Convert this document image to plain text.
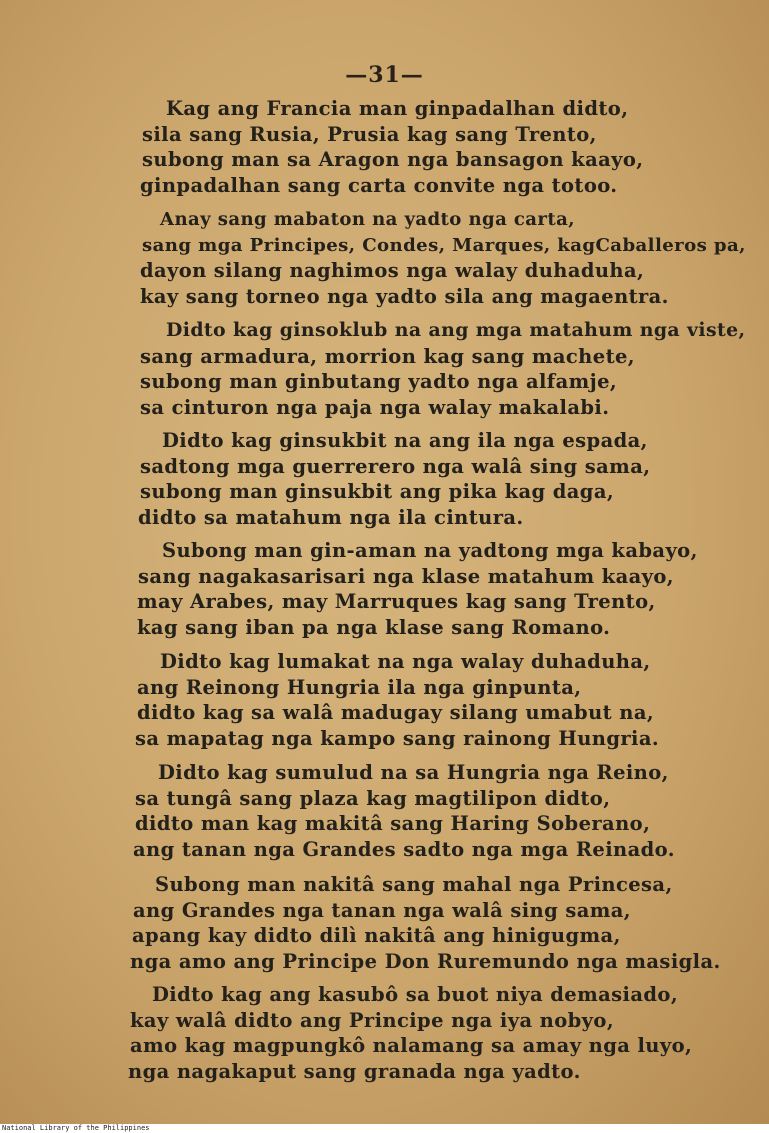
—31—
Kag ang Francia man ginpadalhan didto,
sila sang Rusia, Prusia kag sang Trento,
subong man sa Aragon nga bansagon kaayo,
ginpadalhan sang carta convite nga totoo.
Anay sang mabaton na yadto nga carta,
sang mga Principes, Condes, Marques, kagCaballeros pa,
dayon silang naghimos nga walay duhaduha,
kay sang torneo nga yadto sila ang magaentra.
Didto kag ginsoklub na ang mga matahum nga viste,
sang armadura, morrion kag sang machete,
subong man ginbutang yadto nga alfamje,
sa cinturon nga paja nga walay makalabi.
Didto kag ginsukbit na ang ila nga espada,
sadtong mga guerrerero nga walâ sing sama,
subong man ginsukbit ang pika kag daga,
didto sa matahum nga ila cintura.
Subong man gin-aman na yadtong mga kabayo,
sang nagakasarisari nga klase matahum kaayo,
may Arabes, may Marruques kag sang Trento,
kag sang iban pa nga klase sang Romano.
Didto kag lumakat na nga walay duhaduha,
ang Reinong Hungria ila nga ginpunta,
didto kag sa walâ madugay silang umabut na,
sa mapatag nga kampo sang rainong Hungria.
Didto kag sumulud na sa Hungria nga Reino,
sa tungâ sang plaza kag magtilipon didto,
didto man kag makitâ sang Haring Soberano,
ang tanan nga Grandes sadto nga mga Reinado.
Subong man nakitâ sang mahal nga Princesa,
ang Grandes nga tanan nga walâ sing sama,
apang kay didto dilì nakitâ ang hinigugma,
nga amo ang Principe Don Ruremundo nga masigla.
Didto kag ang kasubô sa buot niya demasiado,
kay walâ didto ang Principe nga iya nobyo,
amo kag magpungkô nalamang sa amay nga luyo,
nga nagakaput sang granada nga yadto.
National Library of the Philippines
